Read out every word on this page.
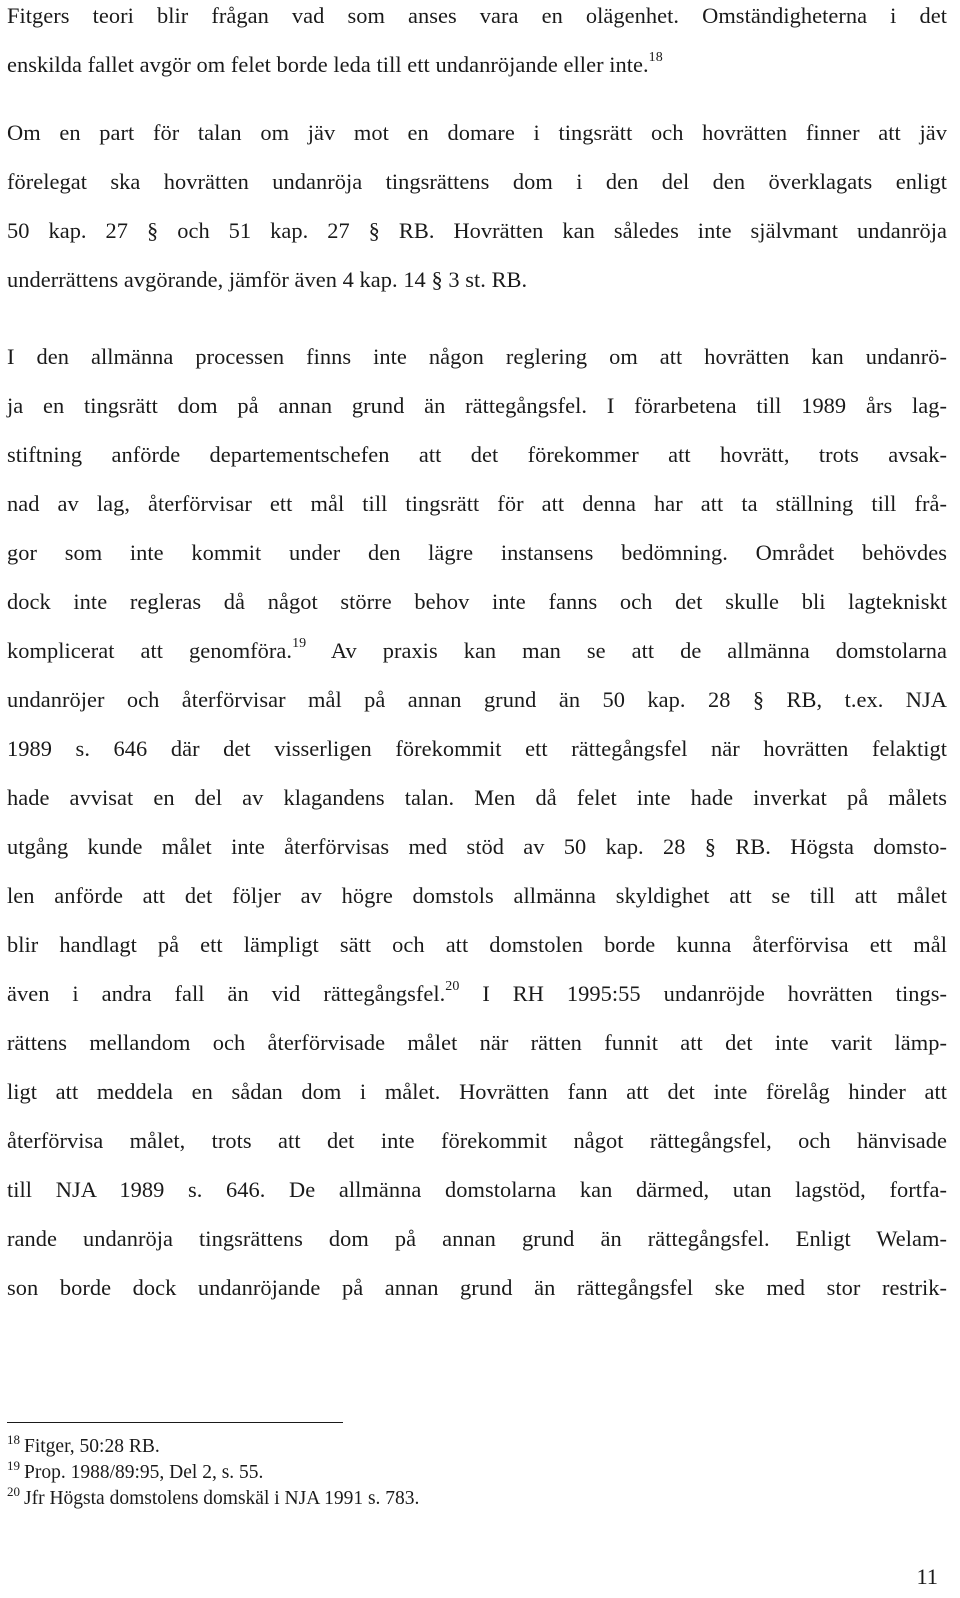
Fitgers teori blir frågan vad som anses vara en olägenhet. Omständigheterna i det
enskilda fallet avgör om felet borde leda till ett undanröjande eller inte.$^{18}$

Om en part för talan om jäv mot en domare i tingsrätt och hovrätten finner att jäv
förelegat ska hovrätten undanröja tingsrättens dom i den del den överklagats enligt
50 kap. 27 § och 51 kap. 27 § RB. Hovrätten kan således inte självmant undanröja
underrättens avgörande, jämför även 4 kap. 14 § 3 st. RB.

I den allmänna processen finns inte någon reglering om att hovrätten kan undanrö-
ja en tingsrätt dom på annan grund än rättegångsfel. I förarbetena till 1989 års lag-
stiftning anförde departementschefen att det förekommer att hovrätt, trots avsak-
nad av lag, återförvisar ett mål till tingsrätt för att denna har att ta ställning till frå-
gor som inte kommit under den lägre instansens bedömning. Området behövdes
dock inte regleras då något större behov inte fanns och det skulle bli lagtekniskt
komplicerat att genomföra.$^{19}$ Av praxis kan man se att de allmänna domstolarna
undanröjer och återförvisar mål på annan grund än 50 kap. 28 § RB, t.ex. NJA
1989 s. 646 där det visserligen förekommit ett rättegångsfel när hovrätten felaktigt
hade avvisat en del av klagandens talan. Men då felet inte hade inverkat på målets
utgång kunde målet inte återförvisas med stöd av 50 kap. 28 § RB. Högsta domsto-
len anförde att det följer av högre domstols allmänna skyldighet att se till att målet
blir handlagt på ett lämpligt sätt och att domstolen borde kunna återförvisa ett mål
även i andra fall än vid rättegångsfel.$^{20}$ I RH 1995:55 undanröjde hovrätten tings-
rättens mellandom och återförvisade målet när rätten funnit att det inte varit lämp-
ligt att meddela en sådan dom i målet. Hovrätten fann att det inte förelåg hinder att
återförvisa målet, trots att det inte förekommit något rättegångsfel, och hänvisade
till NJA 1989 s. 646. De allmänna domstolarna kan därmed, utan lagstöd, fortfa-
rande undanröja tingsrättens dom på annan grund än rättegångsfel. Enligt Welam-
son borde dock undanröjande på annan grund än rättegångsfel ske med stor restrik-

$^{18}$ Fitger, 50:28 RB.
$^{19}$ Prop. 1988/89:95, Del 2, s. 55.
$^{20}$ Jfr Högsta domstolens domskäl i NJA 1991 s. 783.
11
